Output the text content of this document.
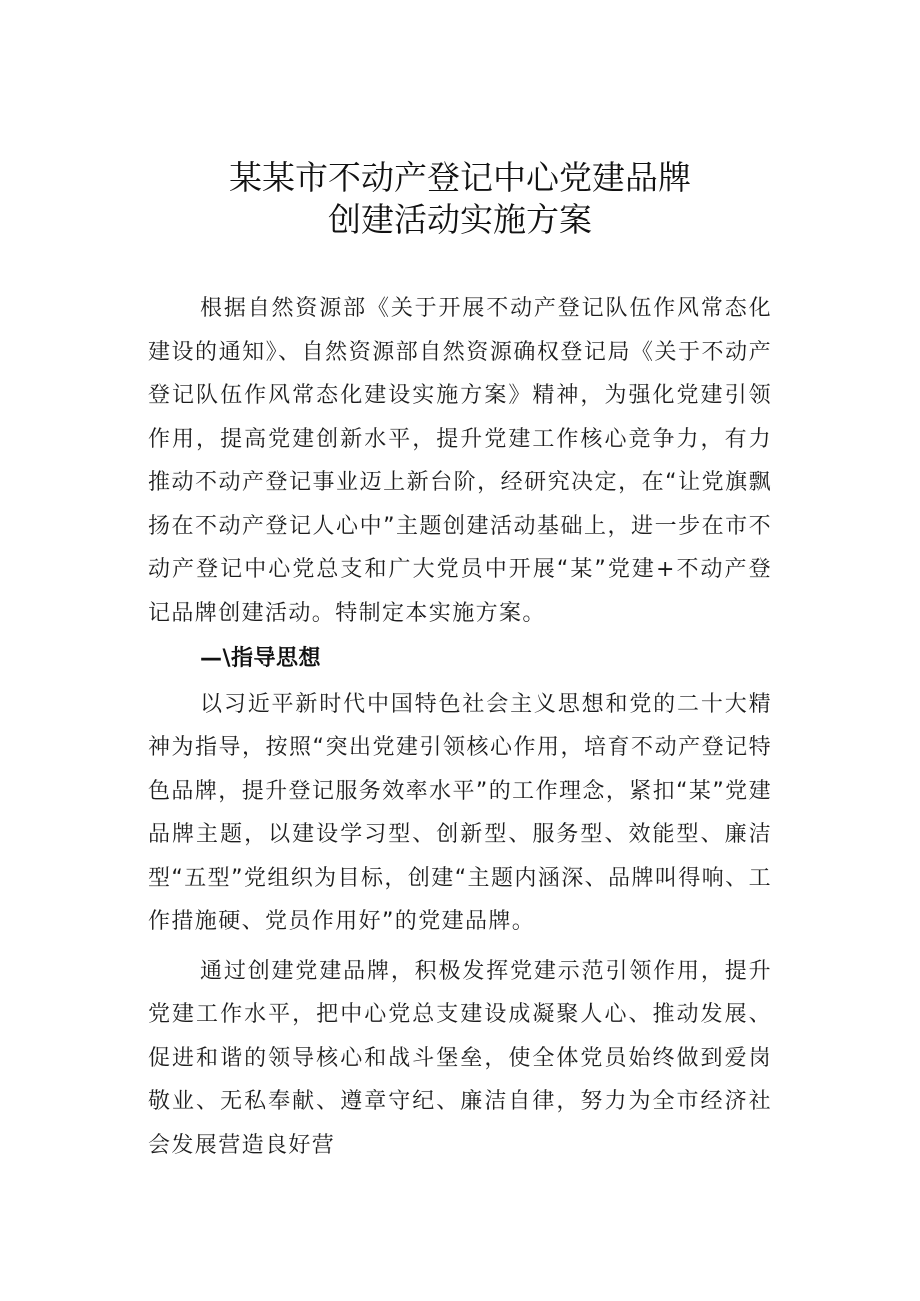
某某市不动产登记中心党建品牌
创建活动实施方案

根据自然资源部《关于开展不动产登记队伍作风常态化建设的通知》、自然资源部自然资源确权登记局《关于不动产登记队伍作风常态化建设实施方案》精神，为强化党建引领作用，提高党建创新水平，提升党建工作核心竞争力，有力推动不动产登记事业迈上新台阶，经研究决定，在“让党旗飘扬在不动产登记人心中”主题创建活动基础上，进一步在市不动产登记中心党总支和广大党员中开展“某”党建+不动产登记品牌创建活动。特制定本实施方案。

—\指导思想

以习近平新时代中国特色社会主义思想和党的二十大精神为指导，按照“突出党建引领核心作用，培育不动产登记特色品牌，提升登记服务效率水平”的工作理念，紧扣“某”党建品牌主题，以建设学习型、创新型、服务型、效能型、廉洁型“五型”党组织为目标，创建“主题内涵深、品牌叫得响、工作措施硬、党员作用好”的党建品牌。

通过创建党建品牌，积极发挥党建示范引领作用，提升党建工作水平，把中心党总支建设成凝聚人心、推动发展、促进和谐的领导核心和战斗堡垒，使全体党员始终做到爱岗敬业、无私奉献、遵章守纪、廉洁自律，努力为全市经济社会发展营造良好营
